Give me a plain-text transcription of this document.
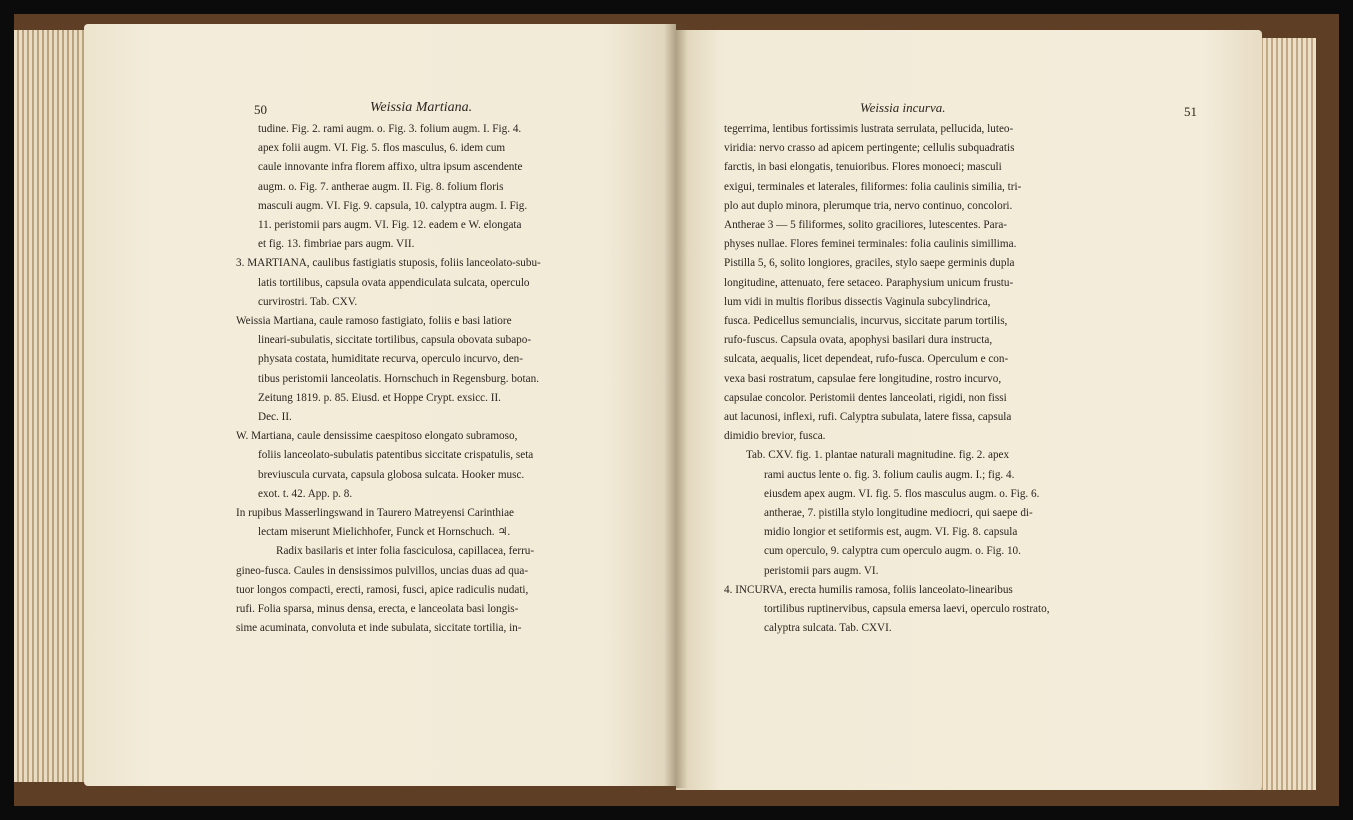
50	Weissia Martiana.
tudine. Fig. 2. rami augm. o. Fig. 3. folium augm. I. Fig. 4.
apex folii augm. VI. Fig. 5. flos masculus, 6. idem cum
caule innovante infra florem affixo, ultra ipsum ascendente
augm. o. Fig. 7. antherae augm. II. Fig. 8. folium floris
masculi augm. VI. Fig. 9. capsula, 10. calyptra augm. I. Fig.
11. peristomii pars augm. VI. Fig. 12. eadem e W. elongata
et fig. 13. fimbriae pars augm. VII.
3. MARTIANA, caulibus fastigiatis stuposis, foliis lanceolato-subu-
latis tortilibus, capsula ovata appendiculata sulcata, operculo
curvirostri. Tab. CXV.
Weissia Martiana, caule ramoso fastigiato, foliis e basi latiore
lineari-subulatis, siccitate tortilibus, capsula obovata subapo-
physata costata, humiditate recurva, operculo incurvo, den-
tibus peristomii lanceolatis. Hornschuch in Regensburg. botan.
Zeitung 1819. p. 85. Eiusd. et Hoppe Crypt. exsicc. II.
Dec. II.
W. Martiana, caule densissime caespitoso elongato subramoso,
foliis lanceolato-subulatis patentibus siccitate crispatulis, seta
breviuscula curvata, capsula globosa sulcata. Hooker musc.
exot. t. 42. App. p. 8.
In rupibus Masserlingswand in Taurero Matreyensi Carinthiae
lectam miserunt Mielichhofer, Funck et Hornschuch. ♃.
Radix basilaris et inter folia fasciculosa, capillacea, ferru-
gineo-fusca. Caules in densissimos pulvillos, uncias duas ad qua-
tuor longos compacti, erecti, ramosi, fusci, apice radiculis nudati,
rufi. Folia sparsa, minus densa, erecta, e lanceolata basi longis-
sime acuminata, convoluta et inde subulata, siccitate tortilia, in-
Weissia incurva.	51
tegerrima, lentibus fortissimis lustrata serrulata, pellucida, luteo-
viridia: nervo crasso ad apicem pertingente; cellulis subquadratis
farctis, in basi elongatis, tenuioribus. Flores monoeci; masculi
exigui, terminales et laterales, filiformes: folia caulinis similia, tri-
plo aut duplo minora, plerumque tria, nervo continuo, concolori.
Antherae 3 — 5 filiformes, solito graciliores, lutescentes. Para-
physes nullae. Flores feminei terminales: folia caulinis simillima.
Pistilla 5, 6, solito longiores, graciles, stylo saepe germinis dupla
longitudine, attenuato, fere setaceo. Paraphysium unicum frustu-
lum vidi in multis floribus dissectis Vaginula subcylindrica,
fusca. Pedicellus semuncialis, incurvus, siccitate parum tortilis,
rufo-fuscus. Capsula ovata, apophysi basilari dura instructa,
sulcata, aequalis, licet dependeat, rufo-fusca. Operculum e con-
vexa basi rostratum, capsulae fere longitudine, rostro incurvo,
capsulae concolor. Peristomii dentes lanceolati, rigidi, non fissi
aut lacunosi, inflexi, rufi. Calyptra subulata, latere fissa, capsula
dimidio brevior, fusca.
Tab. CXV. fig. 1. plantae naturali magnitudine. fig. 2. apex
rami auctus lente o. fig. 3. folium caulis augm. I.; fig. 4.
eiusdem apex augm. VI. fig. 5. flos masculus augm. o. Fig. 6.
antherae, 7. pistilla stylo longitudine mediocri, qui saepe di-
midio longior et setiformis est, augm. VI. Fig. 8. capsula
cum operculo, 9. calyptra cum operculo augm. o. Fig. 10.
peristomii pars augm. VI.
4. INCURVA, erecta humilis ramosa, foliis lanceolato-linearibus
tortilibus ruptinervibus, capsula emersa laevi, operculo rostrato,
calyptra sulcata. Tab. CXVI.
